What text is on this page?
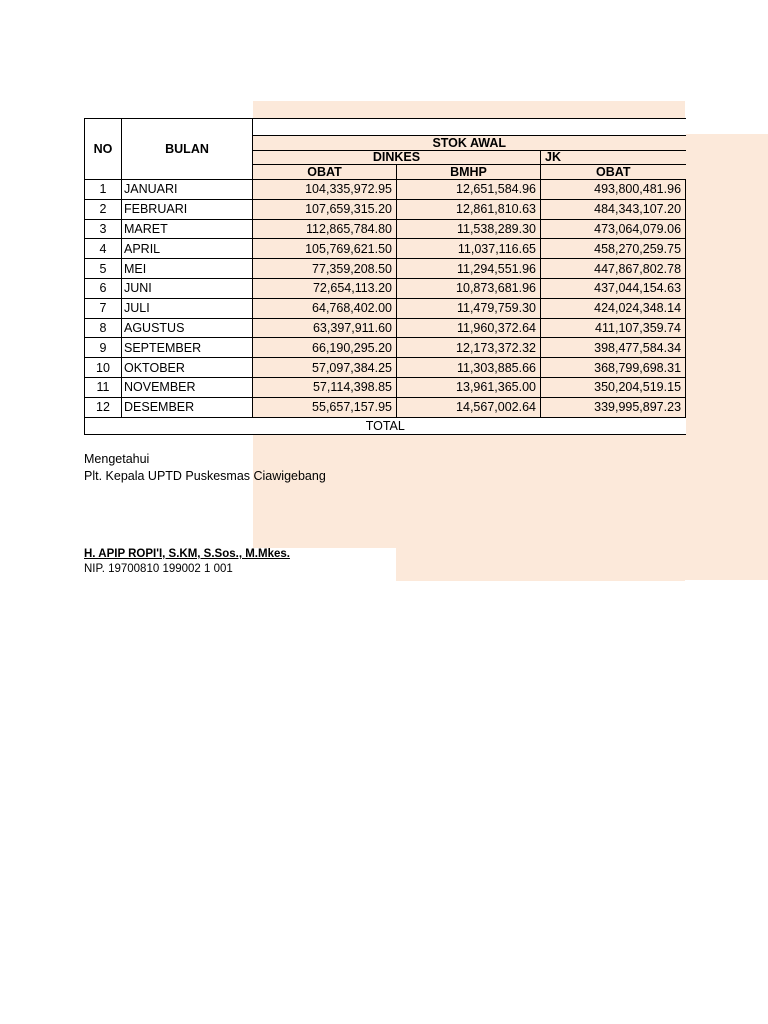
NO	BULAN			
		STOK AWAL		
		DINKES		JK
		OBAT	BMHP	OBAT
1	JANUARI	104,335,972.95	12,651,584.96	493,800,481.96
2	FEBRUARI	107,659,315.20	12,861,810.63	484,343,107.20
3	MARET	112,865,784.80	11,538,289.30	473,064,079.06
4	APRIL	105,769,621.50	11,037,116.65	458,270,259.75
5	MEI	77,359,208.50	11,294,551.96	447,867,802.78
6	JUNI	72,654,113.20	10,873,681.96	437,044,154.63
7	JULI	64,768,402.00	11,479,759.30	424,024,348.14
8	AGUSTUS	63,397,911.60	11,960,372.64	411,107,359.74
9	SEPTEMBER	66,190,295.20	12,173,372.32	398,477,584.34
10	OKTOBER	57,097,384.25	11,303,885.66	368,799,698.31
11	NOVEMBER	57,114,398.85	13,961,365.00	350,204,519.15
12	DESEMBER	55,657,157.95	14,567,002.64	339,995,897.23
TOTAL				
Mengetahui
Plt. Kepala UPTD Puskesmas Ciawigebang
H. APIP ROPI'I, S.KM, S.Sos., M.Mkes.
NIP. 19700810 199002 1 001
